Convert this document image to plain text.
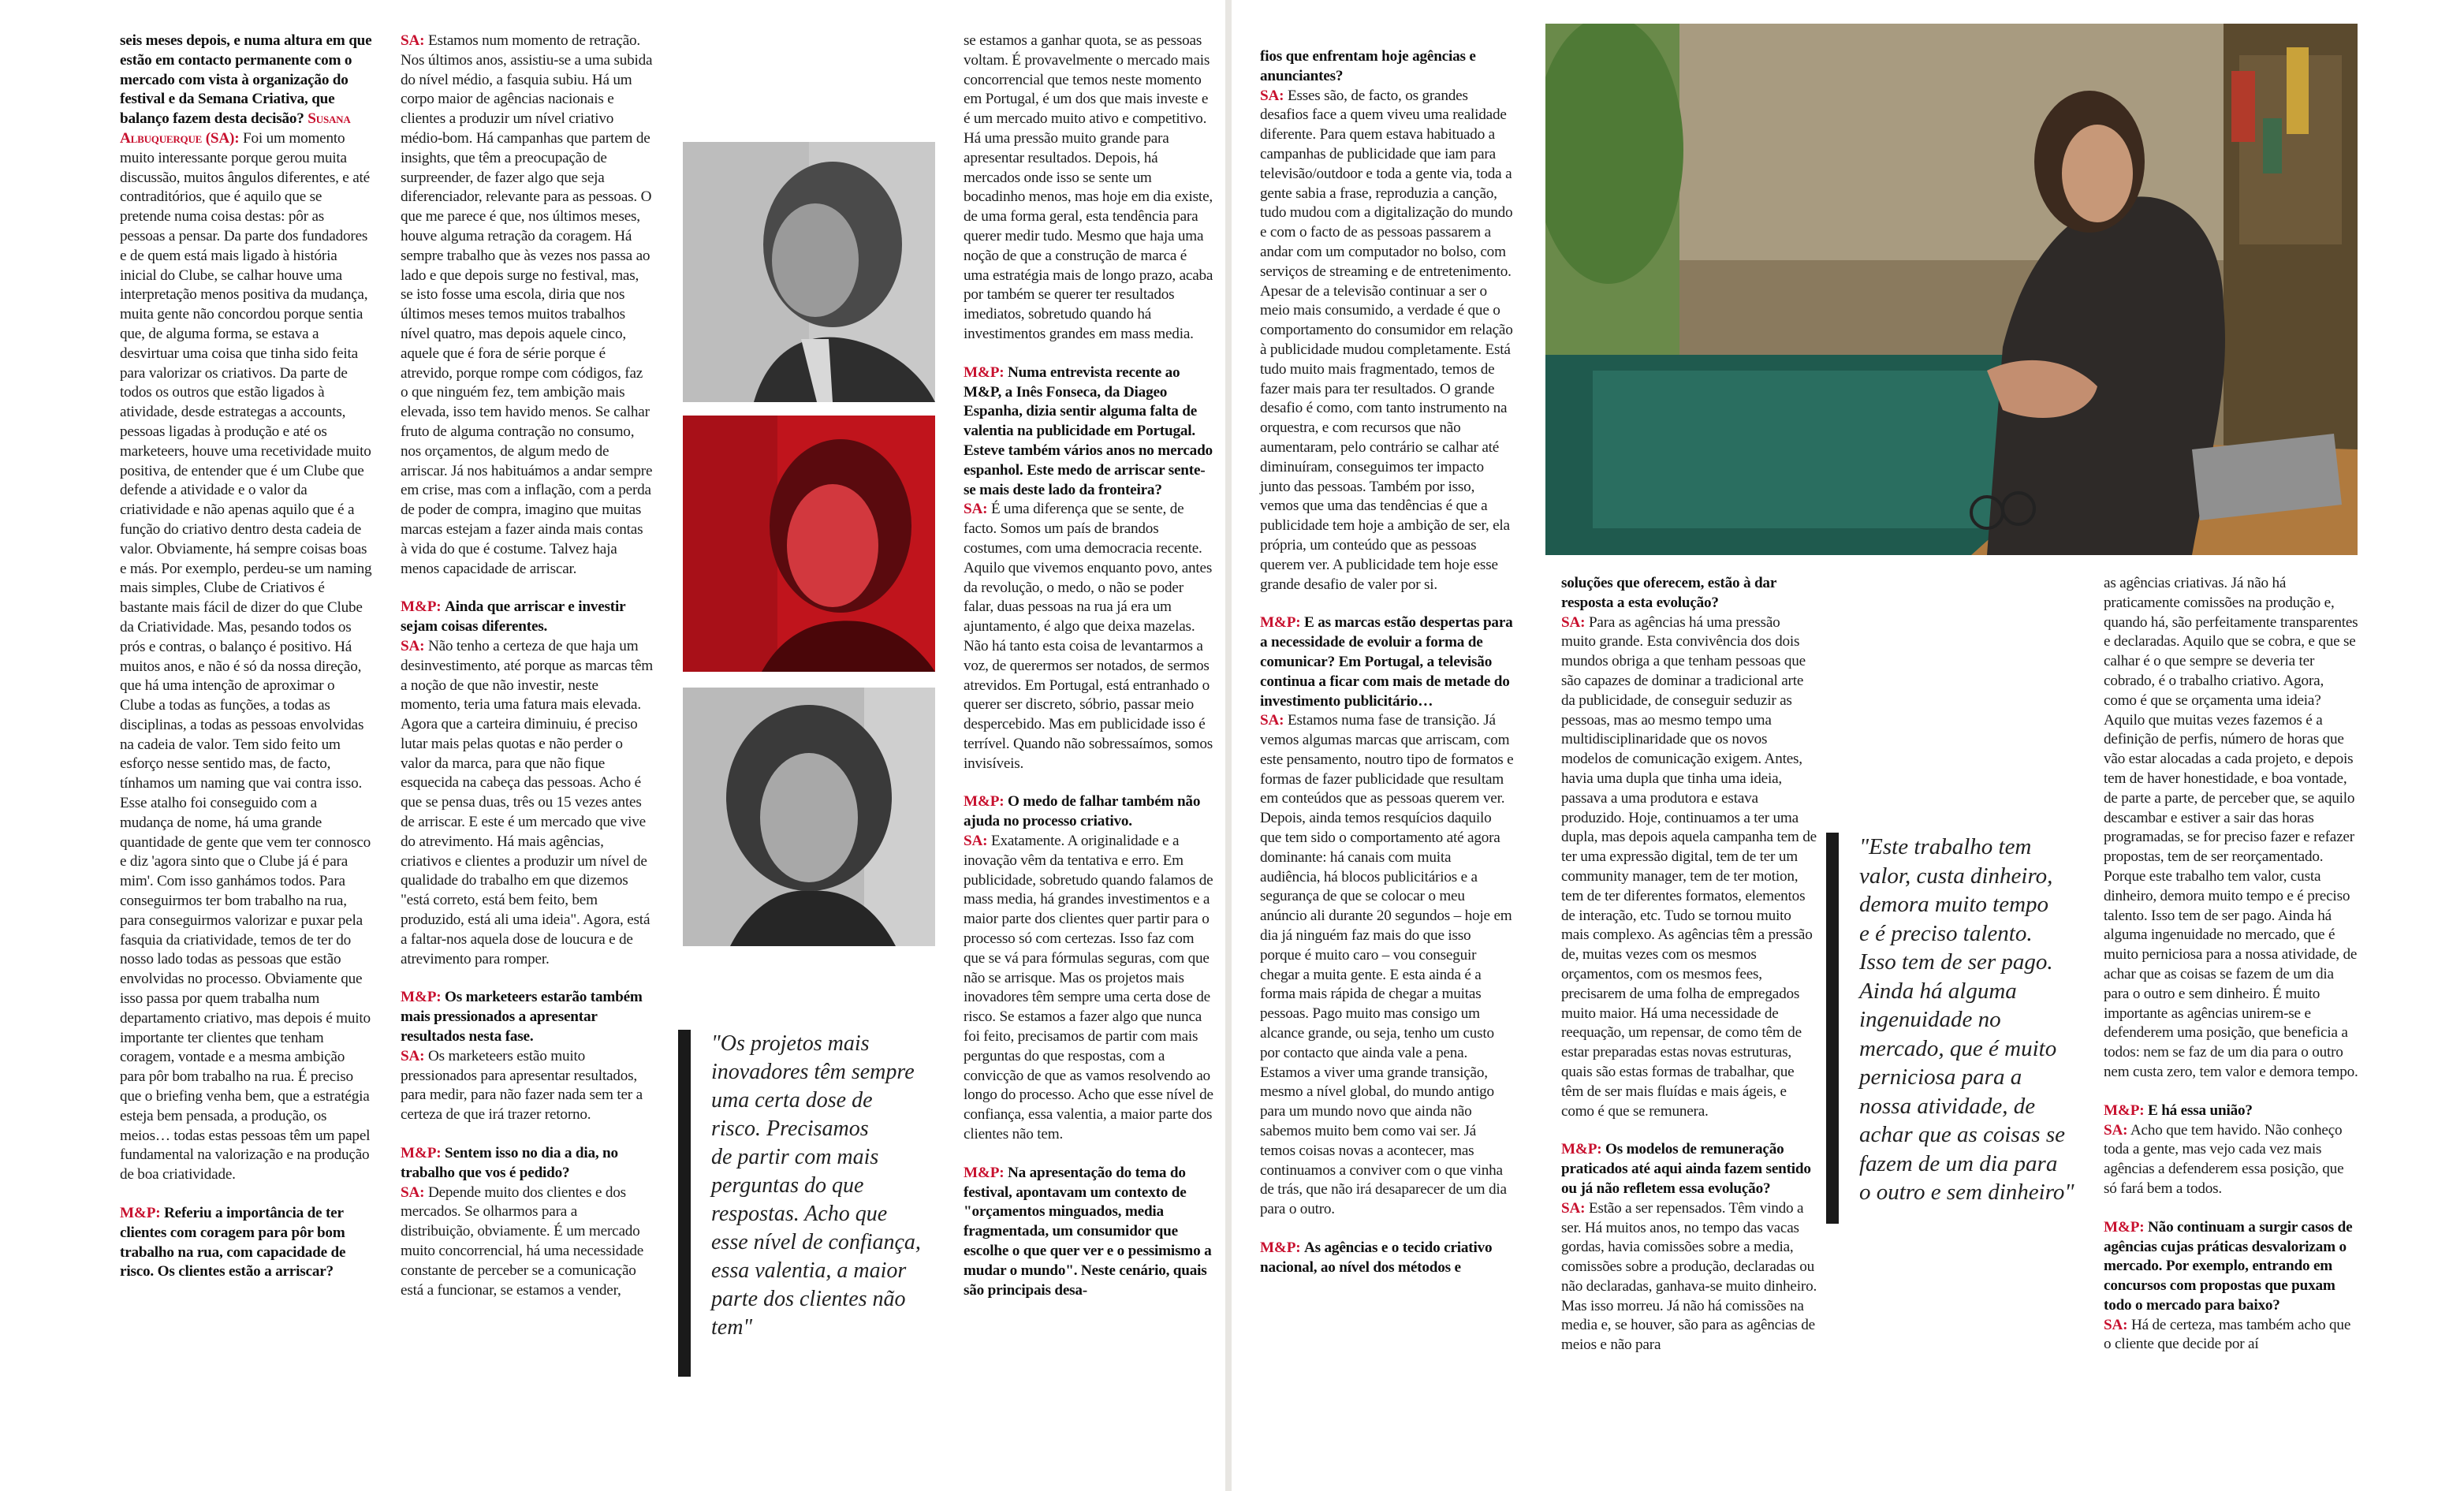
seis meses depois, e numa altura em que estão em contacto permanente com o mercado com vista à organização do festival e da Semana Criativa, que balanço fazem desta decisão? Susana Albuquerque (SA): Foi um momento muito interessante porque gerou muita discussão, muitos ângulos diferentes, e até contraditórios, que é aquilo que se pretende numa coisa destas: pôr as pessoas a pensar. Da parte dos fundadores e de quem está mais ligado à história inicial do Clube, se calhar houve uma interpretação menos positiva da mudança, muita gente não concordou porque sentia que, de alguma forma, se estava a desvirtuar uma coisa que tinha sido feita para valorizar os criativos. Da parte de todos os outros que estão ligados à atividade, desde estrategas a accounts, pessoas ligadas à produção e até os marketeers, houve uma recetividade muito positiva, de entender que é um Clube que defende a atividade e o valor da criatividade e não apenas aquilo que é a função do criativo dentro desta cadeia de valor. Obviamente, há sempre coisas boas e más. Por exemplo, perdeu-se um naming mais simples, Clube de Criativos é bastante mais fácil de dizer do que Clube da Criatividade. Mas, pesando todos os prós e contras, o balanço é positivo. Há muitos anos, e não é só da nossa direção, que há uma intenção de aproximar o Clube a todas as funções, a todas as disciplinas, a todas as pessoas envolvidas na cadeia de valor. Tem sido feito um esforço nesse sentido mas, de facto, tínhamos um naming que vai contra isso. Esse atalho foi conseguido com a mudança de nome, há uma grande quantidade de gente que vem ter connosco e diz 'agora sinto que o Clube já é para mim'. Com isso ganhámos todos. Para conseguirmos ter bom trabalho na rua, para conseguirmos valorizar e puxar pela fasquia da criatividade, temos de ter do nosso lado todas as pessoas que estão envolvidas no processo. Obviamente que isso passa por quem trabalha num departamento criativo, mas depois é muito importante ter clientes que tenham coragem, vontade e a mesma ambição para pôr bom trabalho na rua. É preciso que o briefing venha bem, que a estratégia esteja bem pensada, a produção, os meios… todas estas pessoas têm um papel fundamental na valorização e na produção de boa criatividade.

M&P: Referiu a importância de ter clientes com coragem para pôr bom trabalho na rua, com capacidade de risco. Os clientes estão a arriscar?

SA: Estamos num momento de retração. Nos últimos anos, assistiu-se a uma subida do nível médio, a fasquia subiu. Há um corpo maior de agências nacionais e clientes a produzir um nível criativo médio-bom. Há campanhas que partem de insights, que têm a preocupação de surpreender, de fazer algo que seja diferenciador, relevante para as pessoas. O que me parece é que, nos últimos meses, houve alguma retração da coragem. Há sempre trabalho que às vezes nos passa ao lado e que depois surge no festival, mas, se isto fosse uma escola, diria que nos últimos meses temos muitos trabalhos nível quatro, mas depois aquele cinco, aquele que é fora de série porque é atrevido, porque rompe com códigos, faz o que ninguém fez, tem ambição mais elevada, isso tem havido menos. Se calhar fruto de alguma contração no consumo, nos orçamentos, de algum medo de arriscar. Já nos habituámos a andar sempre em crise, mas com a inflação, com a perda de poder de compra, imagino que muitas marcas estejam a fazer ainda mais contas à vida do que é costume. Talvez haja menos capacidade de arriscar.

M&P: Ainda que arriscar e investir sejam coisas diferentes.
SA: Não tenho a certeza de que haja um desinvestimento, até porque as marcas têm a noção de que não investir, neste momento, teria uma fatura mais elevada. Agora que a carteira diminuiu, é preciso lutar mais pelas quotas e não perder o valor da marca, para que não fique esquecida na cabeça das pessoas. Acho é que se pensa duas, três ou 15 vezes antes de arriscar. E este é um mercado que vive do atrevimento. Há mais agências, criativos e clientes a produzir um nível de qualidade do trabalho em que dizemos "está correto, está bem feito, bem produzido, está ali uma ideia". Agora, está a faltar-nos aquela dose de loucura e de atrevimento para romper.

M&P: Os marketeers estarão também mais pressionados a apresentar resultados nesta fase.
SA: Os marketeers estão muito pressionados para apresentar resultados, para medir, para não fazer nada sem ter a certeza de que irá trazer retorno.

M&P: Sentem isso no dia a dia, no trabalho que vos é pedido?
SA: Depende muito dos clientes e dos mercados. Se olharmos para a distribuição, obviamente. É um mercado muito concorrencial, há uma necessidade constante de perceber se a comunicação está a funcionar, se estamos a vender,

"Os projetos mais
inovadores têm sempre
uma certa dose de
risco. Precisamos
de partir com mais
perguntas do que
respostas. Acho que
esse nível de confiança,
essa valentia, a maior
parte dos clientes não
tem"

se estamos a ganhar quota, se as pessoas voltam. É provavelmente o mercado mais concorrencial que temos neste momento em Portugal, é um dos que mais investe e é um mercado muito ativo e competitivo. Há uma pressão muito grande para apresentar resultados. Depois, há mercados onde isso se sente um bocadinho menos, mas hoje em dia existe, de uma forma geral, esta tendência para querer medir tudo. Mesmo que haja uma noção de que a construção de marca é uma estratégia mais de longo prazo, acaba por também se querer ter resultados imediatos, sobretudo quando há investimentos grandes em mass media.

M&P: Numa entrevista recente ao M&P, a Inês Fonseca, da Diageo Espanha, dizia sentir alguma falta de valentia na publicidade em Portugal. Esteve também vários anos no mercado espanhol. Este medo de arriscar sente-se mais deste lado da fronteira?
SA: É uma diferença que se sente, de facto. Somos um país de brandos costumes, com uma democracia recente. Aquilo que vivemos enquanto povo, antes da revolução, o medo, o não se poder falar, duas pessoas na rua já era um ajuntamento, é algo que deixa mazelas. Não há tanto esta coisa de levantarmos a voz, de querermos ser notados, de sermos atrevidos. Em Portugal, está entranhado o querer ser discreto, sóbrio, passar meio despercebido. Mas em publicidade isso é terrível. Quando não sobressaímos, somos invisíveis.

M&P: O medo de falhar também não ajuda no processo criativo.
SA: Exatamente. A originalidade e a inovação vêm da tentativa e erro. Em publicidade, sobretudo quando falamos de mass media, há grandes investimentos e a maior parte dos clientes quer partir para o processo só com certezas. Isso faz com que se vá para fórmulas seguras, com que não se arrisque. Mas os projetos mais inovadores têm sempre uma certa dose de risco. Se estamos a fazer algo que nunca foi feito, precisamos de partir com mais perguntas do que respostas, com a convicção de que as vamos resolvendo ao longo do processo. Acho que esse nível de confiança, essa valentia, a maior parte dos clientes não tem.

M&P: Na apresentação do tema do festival, apontavam um contexto de "orçamentos minguados, media fragmentada, um consumidor que escolhe o que quer ver e o pessimismo a mudar o mundo". Neste cenário, quais são principais desa-

fios que enfrentam hoje agências e anunciantes?
SA: Esses são, de facto, os grandes desafios face a quem viveu uma realidade diferente. Para quem estava habituado a campanhas de publicidade que iam para televisão/outdoor e toda a gente via, toda a gente sabia a frase, reproduzia a canção, tudo mudou com a digitalização do mundo e com o facto de as pessoas passarem a andar com um computador no bolso, com serviços de streaming e de entretenimento. Apesar de a televisão continuar a ser o meio mais consumido, a verdade é que o comportamento do consumidor em relação à publicidade mudou completamente. Está tudo muito mais fragmentado, temos de fazer mais para ter resultados. O grande desafio é como, com tanto instrumento na orquestra, e com recursos que não aumentaram, pelo contrário se calhar até diminuíram, conseguimos ter impacto junto das pessoas. Também por isso, vemos que uma das tendências é que a publicidade tem hoje a ambição de ser, ela própria, um conteúdo que as pessoas querem ver. A publicidade tem hoje esse grande desafio de valer por si.

M&P: E as marcas estão despertas para a necessidade de evoluir a forma de comunicar? Em Portugal, a televisão continua a ficar com mais de metade do investimento publicitário…
SA: Estamos numa fase de transição. Já vemos algumas marcas que arriscam, com este pensamento, noutro tipo de formatos e formas de fazer publicidade que resultam em conteúdos que as pessoas querem ver. Depois, ainda temos resquícios daquilo que tem sido o comportamento até agora dominante: há canais com muita audiência, há blocos publicitários e a segurança de que se colocar o meu anúncio ali durante 20 segundos – hoje em dia já ninguém faz mais do que isso porque é muito caro – vou conseguir chegar a muita gente. E esta ainda é a forma mais rápida de chegar a muitas pessoas. Pago muito mas consigo um alcance grande, ou seja, tenho um custo por contacto que ainda vale a pena. Estamos a viver uma grande transição, mesmo a nível global, do mundo antigo para um mundo novo que ainda não sabemos muito bem como vai ser. Já temos coisas novas a acontecer, mas continuamos a conviver com o que vinha de trás, que não irá desaparecer de um dia para o outro.

M&P: As agências e o tecido criativo nacional, ao nível dos métodos e

soluções que oferecem, estão à dar resposta a esta evolução?
SA: Para as agências há uma pressão muito grande. Esta convivência dos dois mundos obriga a que tenham pessoas que são capazes de dominar a tradicional arte da publicidade, de conseguir seduzir as pessoas, mas ao mesmo tempo uma multidisciplinaridade que os novos modelos de comunicação exigem. Antes, havia uma dupla que tinha uma ideia, passava a uma produtora e estava produzido. Hoje, continuamos a ter uma dupla, mas depois aquela campanha tem de ter uma expressão digital, tem de ter um community manager, tem de ter motion, tem de ter diferentes formatos, elementos de interação, etc. Tudo se tornou muito mais complexo. As agências têm a pressão de, muitas vezes com os mesmos orçamentos, com os mesmos fees, precisarem de uma folha de empregados muito maior. Há uma necessidade de reequação, um repensar, de como têm de estar preparadas estas novas estruturas, quais são estas formas de trabalhar, que têm de ser mais fluídas e mais ágeis, e como é que se remunera.

M&P: Os modelos de remuneração praticados até aqui ainda fazem sentido ou já não refletem essa evolução?
SA: Estão a ser repensados. Têm vindo a ser. Há muitos anos, no tempo das vacas gordas, havia comissões sobre a media, comissões sobre a produção, declaradas ou não declaradas, ganhava-se muito dinheiro. Mas isso morreu. Já não há comissões na media e, se houver, são para as agências de meios e não para

"Este trabalho tem
valor, custa dinheiro,
demora muito tempo
e é preciso talento.
Isso tem de ser pago.
Ainda há alguma
ingenuidade no
mercado, que é muito
perniciosa para a
nossa atividade, de
achar que as coisas se
fazem de um dia para
o outro e sem dinheiro"

as agências criativas. Já não há praticamente comissões na produção e, quando há, são perfeitamente transparentes e declaradas. Aquilo que se cobra, e que se calhar é o que sempre se deveria ter cobrado, é o trabalho criativo. Agora, como é que se orçamenta uma ideia? Aquilo que muitas vezes fazemos é a definição de perfis, número de horas que vão estar alocadas a cada projeto, e depois tem de haver honestidade, e boa vontade, de parte a parte, de perceber que, se aquilo descambar e estiver a sair das horas programadas, se for preciso fazer e refazer propostas, tem de ser reorçamentado. Porque este trabalho tem valor, custa dinheiro, demora muito tempo e é preciso talento. Isso tem de ser pago. Ainda há alguma ingenuidade no mercado, que é muito perniciosa para a nossa atividade, de achar que as coisas se fazem de um dia para o outro e sem dinheiro. É muito importante as agências unirem-se e defenderem uma posição, que beneficia a todos: nem se faz de um dia para o outro nem custa zero, tem valor e demora tempo.

M&P: E há essa união?
SA: Acho que tem havido. Não conheço toda a gente, mas vejo cada vez mais agências a defenderem essa posição, que só fará bem a todos.

M&P: Não continuam a surgir casos de agências cujas práticas desvalorizam o mercado. Por exemplo, entrando em concursos com propostas que puxam todo o mercado para baixo?
SA: Há de certeza, mas também acho que o cliente que decide por aí
